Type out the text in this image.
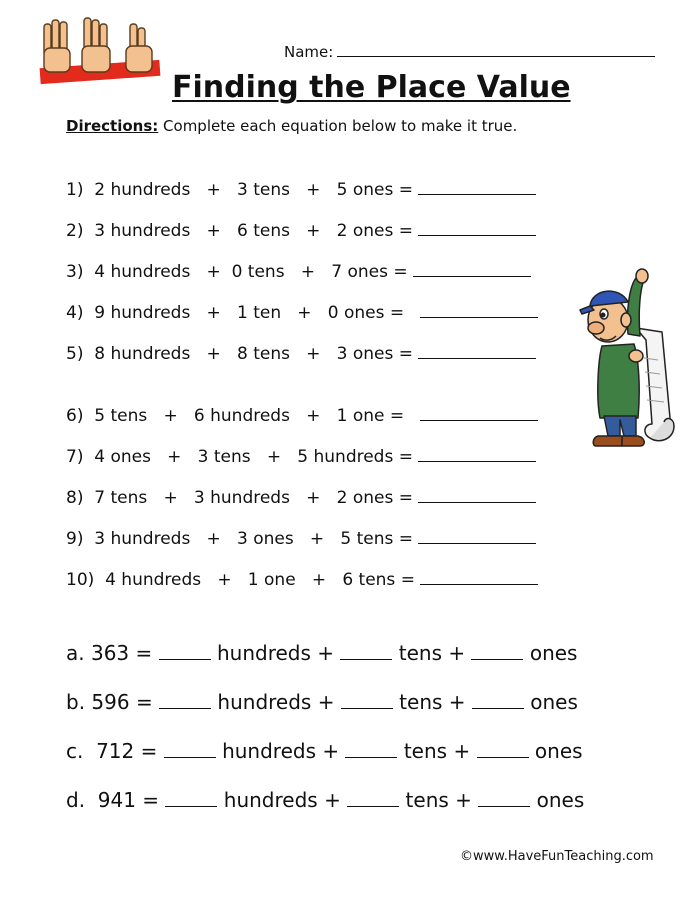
Name:
Finding the Place Value
Directions: Complete each equation below to make it true.
1)  2 hundreds   +   3 tens   +   5 ones =
2)  3 hundreds   +   6 tens   +   2 ones =
3)  4 hundreds   +  0 tens   +   7 ones =
4)  9 hundreds   +   1 ten   +   0 ones =
5)  8 hundreds   +   8 tens   +   3 ones =
6)  5 tens   +   6 hundreds   +   1 one =
7)  4 ones   +   3 tens   +   5 hundreds =
8)  7 tens   +   3 hundreds   +   2 ones =
9)  3 hundreds   +   3 ones   +   5 tens =
10)  4 hundreds   +   1 one   +   6 tens =
a. 363 =	hundreds +	tens +	ones
b. 596 =	hundreds +	tens +	ones
c.  712 =	hundreds +	tens +	ones
d.  941 =	hundreds +	tens +	ones
©www.HaveFunTeaching.com
